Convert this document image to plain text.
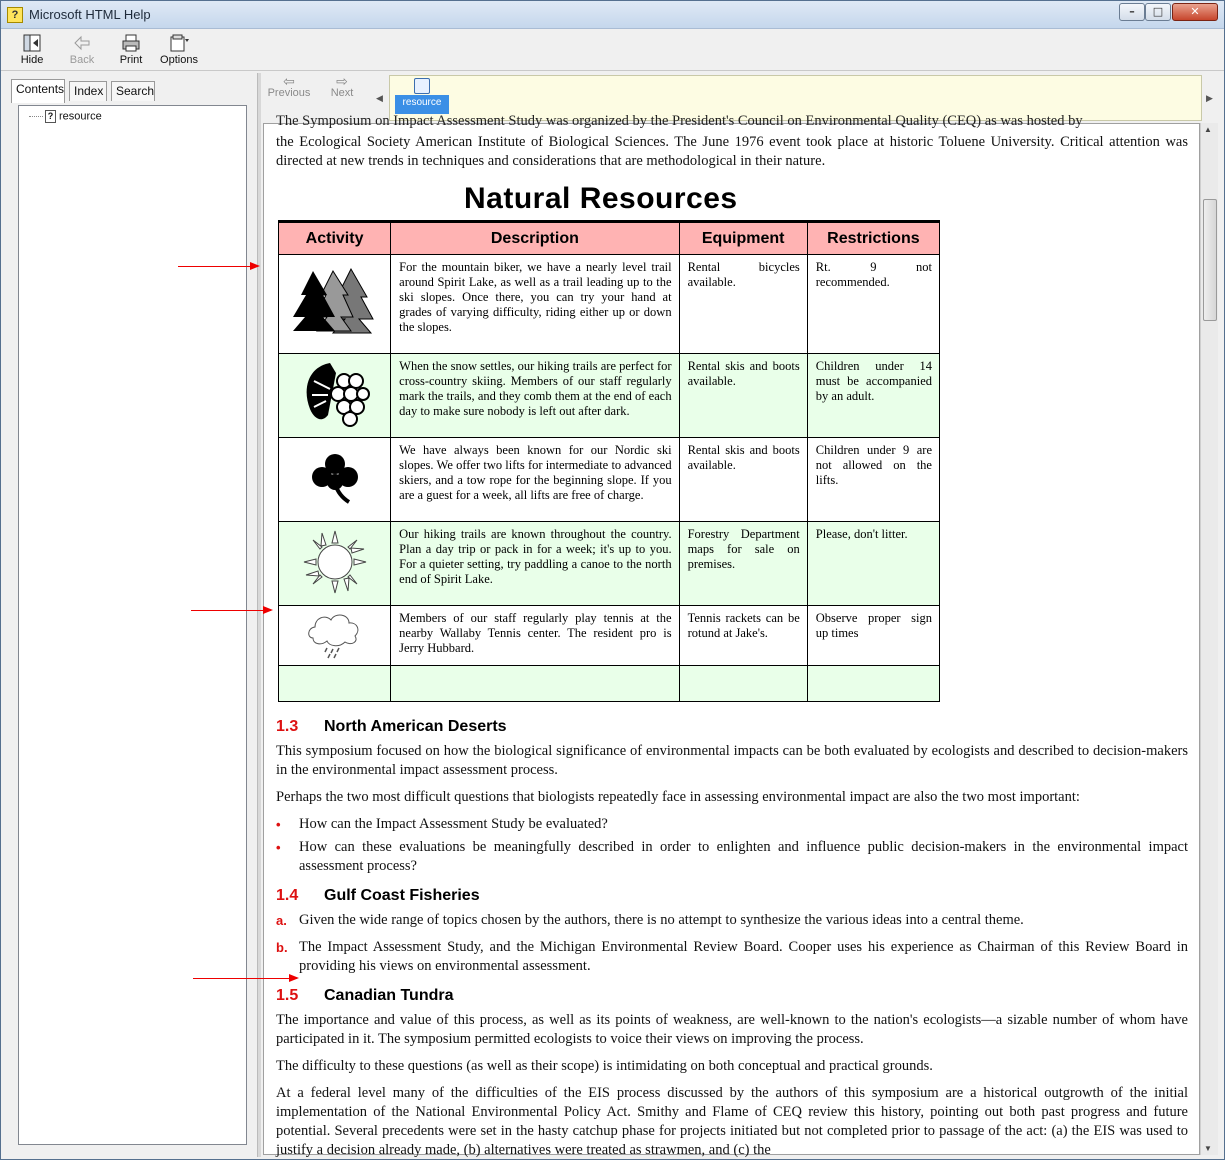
? Microsoft HTML Help	–	□	✕
Hide	Back	Print	Options
Contents Index	Search
? resource
⇦
Previous
⇨
Next	◀	resource	▶
The Symposium on Impact Assessment Study was organized by the President's Council on Environmental Quality (CEQ) as was hosted by
the Ecological Society American Institute of Biological Sciences. The June 1976 event took place at historic Toluene University. Critical attention was directed at new trends in techniques and considerations that are methodological in their nature.
Natural Resources
Activity	Description	Equipment	Restrictions
	For the mountain biker, we have a nearly level trail around Spirit Lake, as well as a trail leading up to the ski slopes. Once there, you can try your hand at grades of varying difficulty, riding either up or down the slopes.	Rental bicycles available.	Rt. 9 not recommended.
	When the snow settles, our hiking trails are perfect for cross-country skiing. Members of our staff regularly mark the trails, and they comb them at the end of each day to make sure nobody is left out after dark.	Rental skis and boots available.	Children under 14 must be accompanied by an adult.
	We have always been known for our Nordic ski slopes. We offer two lifts for intermediate to advanced skiers, and a tow rope for the beginning slope. If you are a guest for a week, all lifts are free of charge.	Rental skis and boots available.	Children under 9 are not allowed on the lifts.
	Our hiking trails are known throughout the country. Plan a day trip or pack in for a week; it's up to you. For a quieter setting, try paddling a canoe to the north end of Spirit Lake.	Forestry Department maps for sale on premises.	Please, don't litter.
	Members of our staff regularly play tennis at the nearby Wallaby Tennis center. The resident pro is Jerry Hubbard.	Tennis rackets can be rotund at Jake's.	Observe proper sign up times

1.3 North American Deserts
This symposium focused on how the biological significance of environmental impacts can be both evaluated by ecologists and described to decision-makers in the environmental impact assessment process.
Perhaps the two most difficult questions that biologists repeatedly face in assessing environmental impact are also the two most important:
• How can the Impact Assessment Study be evaluated?
• How can these evaluations be meaningfully described in order to enlighten and influence public decision-makers in the environmental impact assessment process?
1.4 Gulf Coast Fisheries
a. Given the wide range of topics chosen by the authors, there is no attempt to synthesize the various ideas into a central theme.
b. The Impact Assessment Study, and the Michigan Environmental Review Board. Cooper uses his experience as Chairman of this Review Board in providing his views on environmental assessment.
1.5 Canadian Tundra
The importance and value of this process, as well as its points of weakness, are well-known to the nation's ecologists—a sizable number of whom have participated in it. The symposium permitted ecologists to voice their views on improving the process.
The difficulty to these questions (as well as their scope) is intimidating on both conceptual and practical grounds.
At a federal level many of the difficulties of the EIS process discussed by the authors of this symposium are a historical outgrowth of the initial implementation of the National Environmental Policy Act. Smithy and Flame of CEQ review this history, pointing out both past progress and future potential. Several precedents were set in the hasty catchup phase for projects initiated but not completed prior to passage of the act: (a) the EIS was used to justify a decision already made, (b) alternatives were treated as strawmen, and (c) the
▲
▼
